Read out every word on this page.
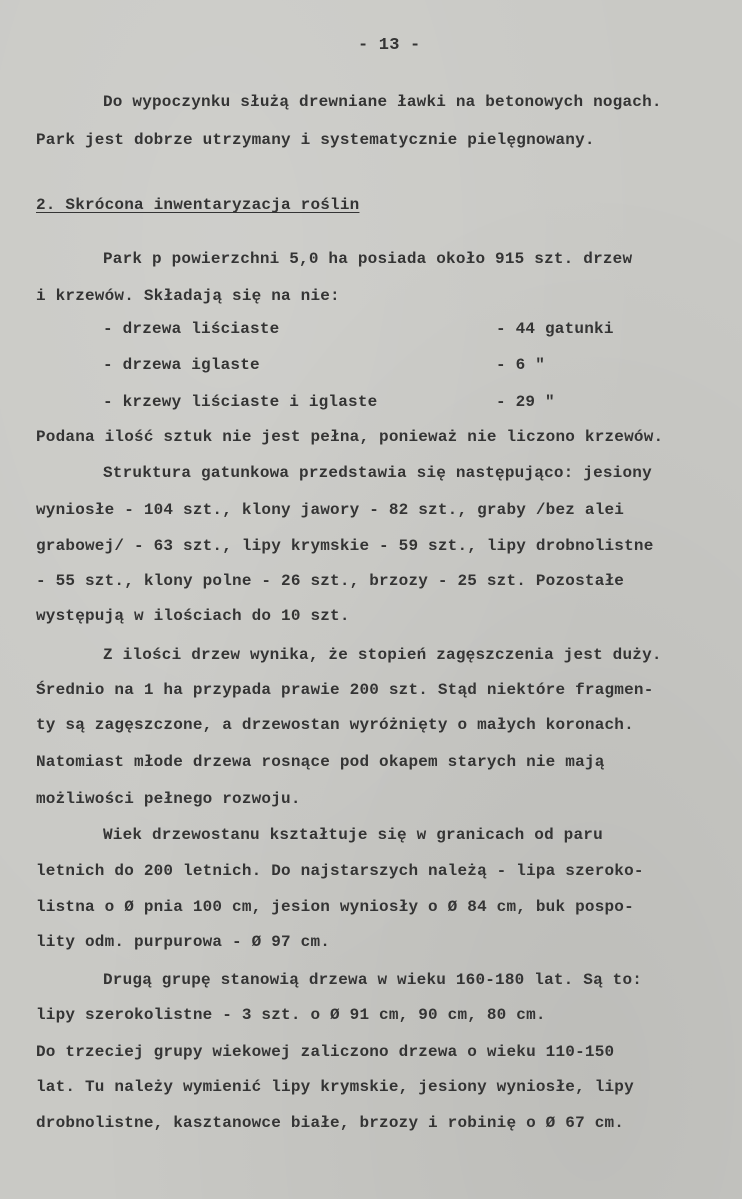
- 13 -
Do wypoczynku służą drewniane ławki na betonowych nogach.
Park jest dobrze utrzymany i systematycznie pielęgnowany.
2. Skrócona inwentaryzacja roślin
Park p powierzchni 5,0 ha posiada około 915 szt. drzew
i krzewów. Składają się na nie:
- drzewa liściaste	- 44 gatunki
- drzewa iglaste	- 6 "
- krzewy liściaste i iglaste	- 29 "
Podana ilość sztuk nie jest pełna, ponieważ nie liczono krzewów.
Struktura gatunkowa przedstawia się następująco: jesiony
wyniosłe - 104 szt., klony jawory - 82 szt., graby /bez alei
grabowej/ - 63 szt., lipy krymskie - 59 szt., lipy drobnolistne
- 55 szt., klony polne - 26 szt., brzozy - 25 szt. Pozostałe
występują w ilościach do 10 szt.
Z ilości drzew wynika, że stopień zagęszczenia jest duży.
Średnio na 1 ha przypada prawie 200 szt. Stąd niektóre fragmen-
ty są zagęszczone, a drzewostan wyróżnięty o małych koronach.
Natomiast młode drzewa rosnące pod okapem starych nie mają
możliwości pełnego rozwoju.
Wiek drzewostanu kształtuje się w granicach od paru
letnich do 200 letnich. Do najstarszych należą - lipa szeroko-
listna o Ø pnia 100 cm, jesion wyniosły o Ø 84 cm, buk pospo-
lity odm. purpurowa - Ø 97 cm.
Drugą grupę stanowią drzewa w wieku 160-180 lat. Są to:
lipy szerokolistne - 3 szt. o Ø 91 cm, 90 cm, 80 cm.
Do trzeciej grupy wiekowej zaliczono drzewa o wieku 110-150
lat. Tu należy wymienić lipy krymskie, jesiony wyniosłe, lipy
drobnolistne, kasztanowce białe, brzozy i robinię o Ø 67 cm.
